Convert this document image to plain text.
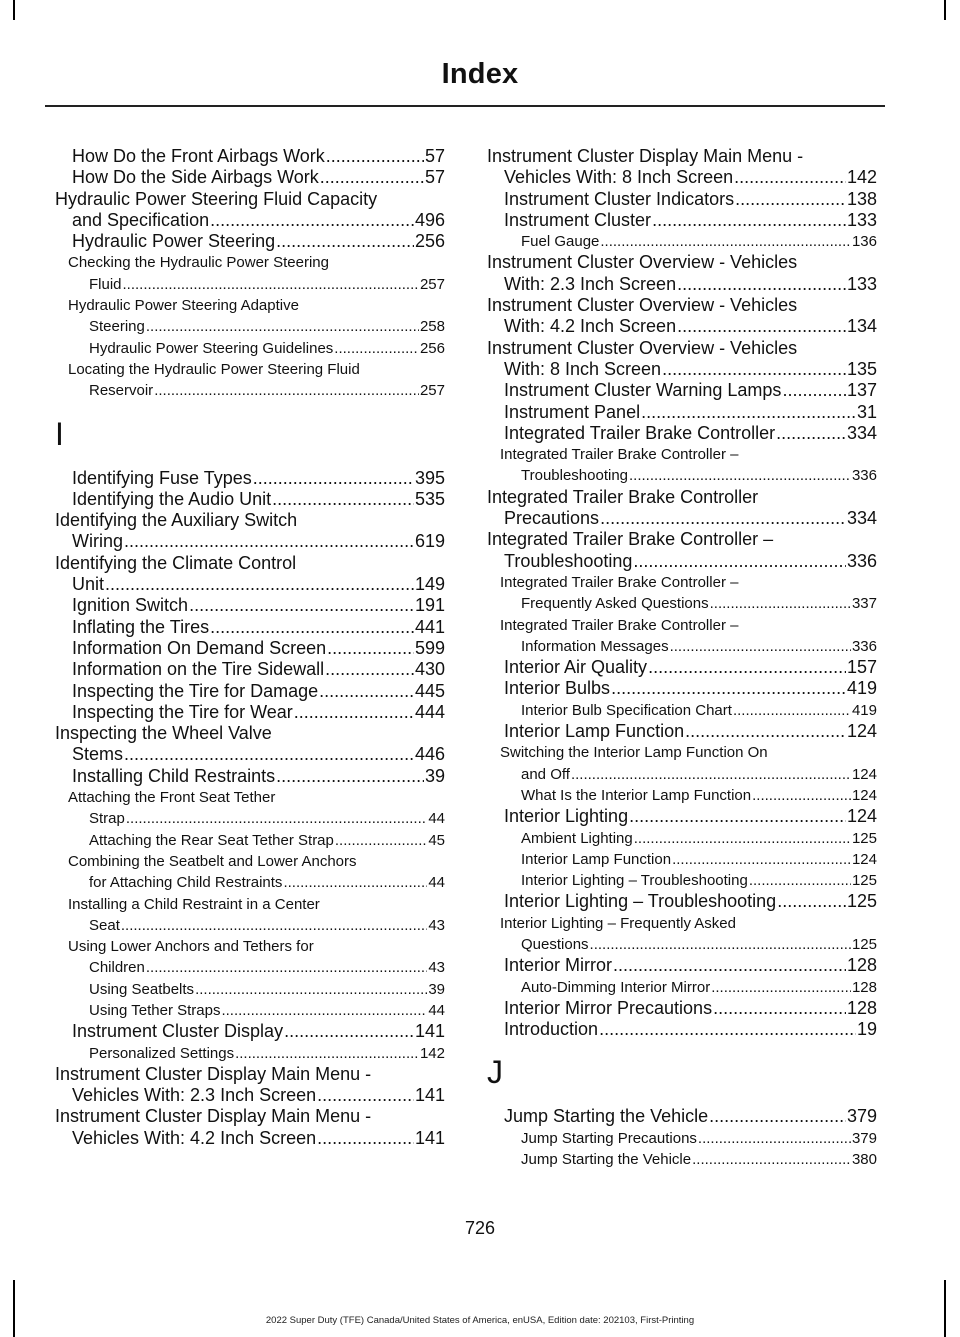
Index
How Do the Front Airbags Work .....	57
How Do the Side Airbags Work .....	57
Hydraulic Power Steering Fluid Capacity
and Specification .....	496
Hydraulic Power Steering .....	256
Checking the Hydraulic Power Steering
Fluid .....	257
Hydraulic Power Steering Adaptive
Steering .....	258
Hydraulic Power Steering Guidelines .....	256
Locating the Hydraulic Power Steering Fluid
Reservoir .....	257
I
Identifying Fuse Types .....	395
Identifying the Audio Unit .....	535
Identifying the Auxiliary Switch
Wiring .....	619
Identifying the Climate Control
Unit .....	149
Ignition Switch .....	191
Inflating the Tires .....	441
Information On Demand Screen .....	599
Information on the Tire Sidewall .....	430
Inspecting the Tire for Damage .....	445
Inspecting the Tire for Wear .....	444
Inspecting the Wheel Valve
Stems .....	446
Installing Child Restraints .....	39
Attaching the Front Seat Tether
Strap .....	44
Attaching the Rear Seat Tether Strap .....	45
Combining the Seatbelt and Lower Anchors
for Attaching Child Restraints .....	44
Installing a Child Restraint in a Center
Seat .....	43
Using Lower Anchors and Tethers for
Children .....	43
Using Seatbelts .....	39
Using Tether Straps .....	44
Instrument Cluster Display .....	141
Personalized Settings .....	142
Instrument Cluster Display Main Menu -
Vehicles With: 2.3 Inch Screen .....	141
Instrument Cluster Display Main Menu -
Vehicles With: 4.2 Inch Screen .....	141
Instrument Cluster Display Main Menu -
Vehicles With: 8 Inch Screen .....	142
Instrument Cluster Indicators .....	138
Instrument Cluster .....	133
Fuel Gauge .....	136
Instrument Cluster Overview - Vehicles
With: 2.3 Inch Screen .....	133
Instrument Cluster Overview - Vehicles
With: 4.2 Inch Screen .....	134
Instrument Cluster Overview - Vehicles
With: 8 Inch Screen .....	135
Instrument Cluster Warning Lamps .....	137
Instrument Panel .....	31
Integrated Trailer Brake Controller .....	334
Integrated Trailer Brake Controller –
Troubleshooting .....	336
Integrated Trailer Brake Controller
Precautions .....	334
Integrated Trailer Brake Controller –
Troubleshooting .....	336
Integrated Trailer Brake Controller –
Frequently Asked Questions .....	337
Integrated Trailer Brake Controller –
Information Messages .....	336
Interior Air Quality .....	157
Interior Bulbs .....	419
Interior Bulb Specification Chart .....	419
Interior Lamp Function .....	124
Switching the Interior Lamp Function On
and Off .....	124
What Is the Interior Lamp Function .....	124
Interior Lighting .....	124
Ambient Lighting .....	125
Interior Lamp Function .....	124
Interior Lighting – Troubleshooting .....	125
Interior Lighting – Troubleshooting .....	125
Interior Lighting – Frequently Asked
Questions .....	125
Interior Mirror .....	128
Auto-Dimming Interior Mirror .....	128
Interior Mirror Precautions .....	128
Introduction .....	19
J
Jump Starting the Vehicle .....	379
Jump Starting Precautions .....	379
Jump Starting the Vehicle .....	380
726
2022 Super Duty (TFE) Canada/United States of America, enUSA, Edition date: 202103, First-Printing
